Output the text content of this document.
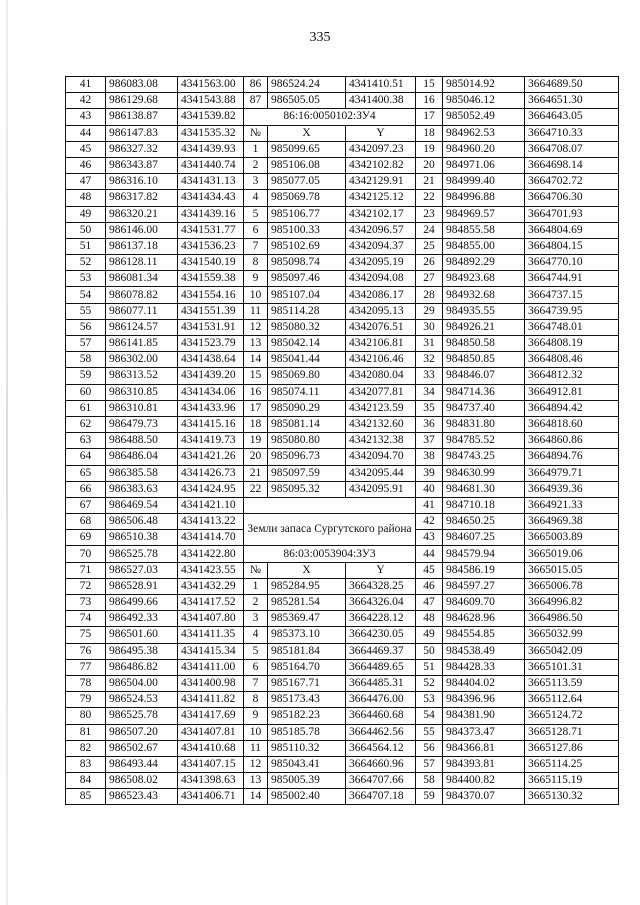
335
41	986083.08	4341563.00	86	986524.24	4341410.51	15	985014.92	3664689.50
42	986129.68	4341543.88	87	986505.05	4341400.38	16	985046.12	3664651.30
43	986138.87	4341539.82	86:16:0050102:ЗУ4			17	985052.49	3664643.05
44	986147.83	4341535.32	№	X	Y	18	984962.53	3664710.33
45	986327.32	4341439.93	1	985099.65	4342097.23	19	984960.20	3664708.07
46	986343.87	4341440.74	2	985106.08	4342102.82	20	984971.06	3664698.14
47	986316.10	4341431.13	3	985077.05	4342129.91	21	984999.40	3664702.72
48	986317.82	4341434.43	4	985069.78	4342125.12	22	984996.88	3664706.30
49	986320.21	4341439.16	5	985106.77	4342102.17	23	984969.57	3664701.93
50	986146.00	4341531.77	6	985100.33	4342096.57	24	984855.58	3664804.69
51	986137.18	4341536.23	7	985102.69	4342094.37	25	984855.00	3664804.15
52	986128.11	4341540.19	8	985098.74	4342095.19	26	984892.29	3664770.10
53	986081.34	4341559.38	9	985097.46	4342094.08	27	984923.68	3664744.91
54	986078.82	4341554.16	10	985107.04	4342086.17	28	984932.68	3664737.15
55	986077.11	4341551.39	11	985114.28	4342095.13	29	984935.55	3664739.95
56	986124.57	4341531.91	12	985080.32	4342076.51	30	984926.21	3664748.01
57	986141.85	4341523.79	13	985042.14	4342106.81	31	984850.58	3664808.19
58	986302.00	4341438.64	14	985041.44	4342106.46	32	984850.85	3664808.46
59	986313.52	4341439.20	15	985069.80	4342080.04	33	984846.07	3664812.32
60	986310.85	4341434.06	16	985074.11	4342077.81	34	984714.36	3664912.81
61	986310.81	4341433.96	17	985090.29	4342123.59	35	984737.40	3664894.42
62	986479.73	4341415.16	18	985081.14	4342132.60	36	984831.80	3664818.60
63	986488.50	4341419.73	19	985080.80	4342132.38	37	984785.52	3664860.86
64	986486.04	4341421.26	20	985096.73	4342094.70	38	984743.25	3664894.76
65	986385.58	4341426.73	21	985097.59	4342095.44	39	984630.99	3664979.71
66	986383.63	4341424.95	22	985095.32	4342095.91	40	984681.30	3664939.36
67	986469.54	4341421.10				41	984710.18	3664921.33
68	986506.48	4341413.22	Земли запаса Сургутского района			42	984650.25	3664969.38
69	986510.38	4341414.70				43	984607.25	3665003.89
70	986525.78	4341422.80	86:03:0053904:ЗУ3			44	984579.94	3665019.06
71	986527.03	4341423.55	№	X	Y	45	984586.19	3665015.05
72	986528.91	4341432.29	1	985284.95	3664328.25	46	984597.27	3665006.78
73	986499.66	4341417.52	2	985281.54	3664326.04	47	984609.70	3664996.82
74	986492.33	4341407.80	3	985369.47	3664228.12	48	984628.96	3664986.50
75	986501.60	4341411.35	4	985373.10	3664230.05	49	984554.85	3665032.99
76	986495.38	4341415.34	5	985181.84	3664469.37	50	984538.49	3665042.09
77	986486.82	4341411.00	6	985164.70	3664489.65	51	984428.33	3665101.31
78	986504.00	4341400.98	7	985167.71	3664485.31	52	984404.02	3665113.59
79	986524.53	4341411.82	8	985173.43	3664476.00	53	984396.96	3665112.64
80	986525.78	4341417.69	9	985182.23	3664460.68	54	984381.90	3665124.72
81	986507.20	4341407.81	10	985185.78	3664462.56	55	984373.47	3665128.71
82	986502.67	4341410.68	11	985110.32	3664564.12	56	984366.81	3665127.86
83	986493.44	4341407.15	12	985043.41	3664660.96	57	984393.81	3665114.25
84	986508.02	4341398.63	13	985005.39	3664707.66	58	984400.82	3665115.19
85	986523.43	4341406.71	14	985002.40	3664707.18	59	984370.07	3665130.32
